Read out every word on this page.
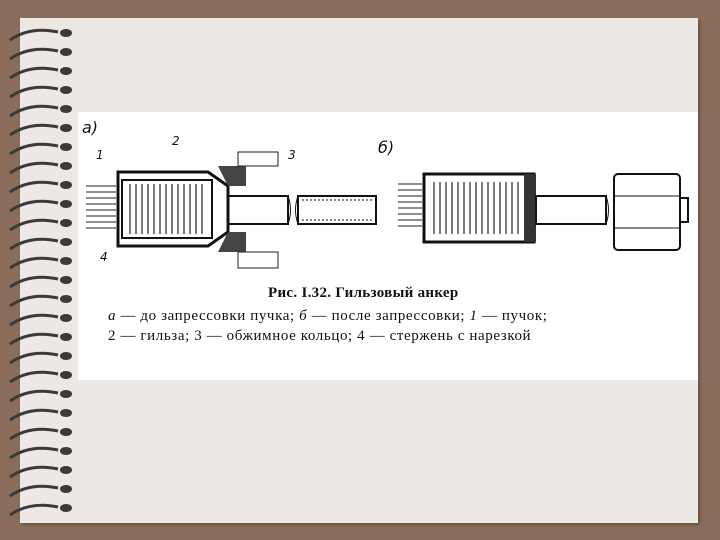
а)
б)
1
2
3
4
Рис. I.32. Гильзовый анкер
а — до запрессовки пучка; б — после запрессовки; 1 — пучок;
2 — гильза; 3 — обжимное кольцо; 4 — стержень с нарезкой
